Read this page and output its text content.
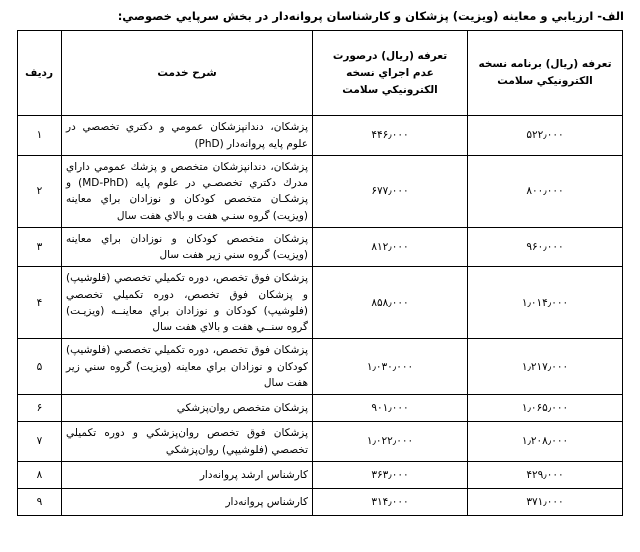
الف- ارزيابي و معاينه (ويزيت) پزشكان و كارشناسان پروانه‌دار در بخش سرپايي خصوصي:
تعرفه (ريال) برنامه نسخه الكترونيكي سلامت	تعرفه (ريال) درصورت عدم اجراي نسخه الكترونيكي سلامت	شرح خدمت	رديف

۵۲۲٫۰۰۰	۴۴۶٫۰۰۰	پزشكان، دندانپزشكان عمومي و دكتري تخصصي در علوم پايه پروانه‌دار (PhD)	۱
۸۰۰٫۰۰۰	۶۷۷٫۰۰۰	پزشكان، دندانپزشكان متخصص و پزشك عمومي داراي مدرك دكتري تخصصـي در علوم پايه (MD-PhD) و پزشكـان متخصص كودكان و نوزادان براي معاينه (ويزيت) گروه سنـي هفت و بالاي هفت سال	۲
۹۶۰٫۰۰۰	۸۱۲٫۰۰۰	پزشكان متخصص كودكان و نوزادان براي معاينه (ويزيت) گروه سني زير هفت سال	۳
۱٫۰۱۴٫۰۰۰	۸۵۸٫۰۰۰	پزشكان فوق تخصص، دوره تكميلي تخصصي (فلوشيپ) و پزشكان فوق تخصص، دوره تكميلي تخصصي (فلوشيپ) كودكان و نوزادان براي معاينــه (ويزيـت) گروه سنــي هفت و بالاي هفت سال	۴
۱٫۲۱۷٫۰۰۰	۱٫۰۳۰٫۰۰۰	پزشكان فوق تخصص، دوره تكميلي تخصصي (فلوشيپ) كودكان و نوزادان براي معاينه (ويزيت) گروه سني زير هفت سال	۵
۱٫۰۶۵٫۰۰۰	۹۰۱٫۰۰۰	پزشكان متخصص روان‌پزشكي	۶
۱٫۲۰۸٫۰۰۰	۱٫۰۲۲٫۰۰۰	پزشكان فوق تخصص روان‌پزشكي و دوره تكميلي تخصصي (فلوشيپي) روان‌پزشكي	۷
۴۲۹٫۰۰۰	۳۶۳٫۰۰۰	كارشناس ارشد پروانه‌دار	۸
۳۷۱٫۰۰۰	۳۱۴٫۰۰۰	كارشناس پروانه‌دار	۹
